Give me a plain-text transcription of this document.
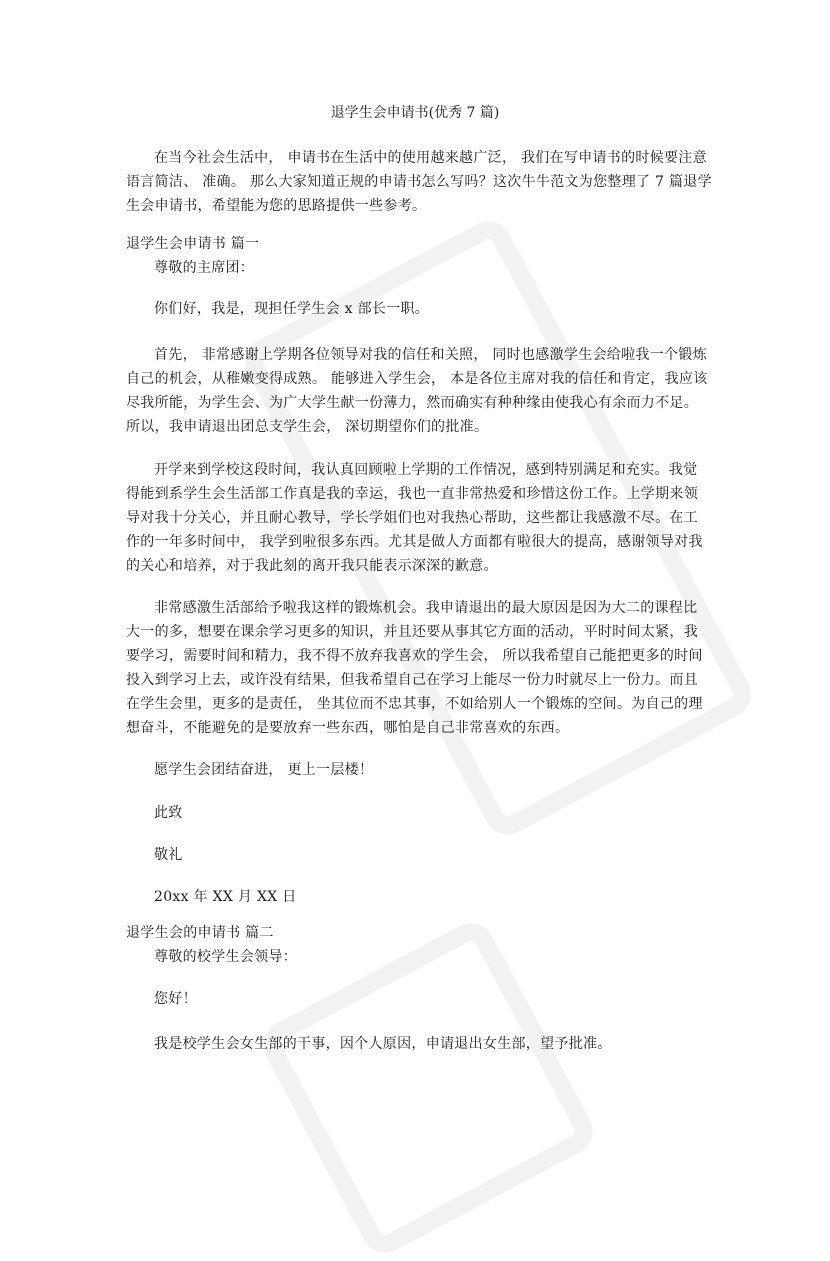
退学生会申请书(优秀 7 篇)
在当今社会生活中， 申请书在生活中的使用越来越广泛， 我们在写申请书的时候要注意
语言简洁、 准确。 那么大家知道正规的申请书怎么写吗？这次牛牛范文为您整理了 7 篇退学
生会申请书，希望能为您的思路提供一些参考。
退学生会申请书 篇一
尊敬的主席团：
你们好，我是，现担任学生会 x 部长一职。
首先， 非常感谢上学期各位领导对我的信任和关照， 同时也感激学生会给啦我一个锻炼
自己的机会，从稚嫩变得成熟。 能够进入学生会， 本是各位主席对我的信任和肯定，我应该
尽我所能，为学生会、为广大学生献一份薄力，然而确实有种种缘由使我心有余而力不足。
所以，我申请退出团总支学生会， 深切期望你们的批准。
开学来到学校这段时间，我认真回顾啦上学期的工作情况，感到特别满足和充实。我觉
得能到系学生会生活部工作真是我的幸运，我也一直非常热爱和珍惜这份工作。上学期来领
导对我十分关心，并且耐心教导，学长学姐们也对我热心帮助，这些都让我感激不尽。在工
作的一年多时间中， 我学到啦很多东西。尤其是做人方面都有啦很大的提高，感谢领导对我
的关心和培养，对于我此刻的离开我只能表示深深的歉意。
非常感激生活部给予啦我这样的锻炼机会。我申请退出的最大原因是因为大二的课程比
大一的多，想要在课余学习更多的知识，并且还要从事其它方面的活动，平时时间太紧，我
要学习，需要时间和精力，我不得不放弃我喜欢的学生会， 所以我希望自己能把更多的时间
投入到学习上去，或许没有结果，但我希望自己在学习上能尽一份力时就尽上一份力。而且
在学生会里，更多的是责任， 坐其位而不忠其事，不如给别人一个锻炼的空间。为自己的理
想奋斗，不能避免的是要放弃一些东西，哪怕是自己非常喜欢的东西。
愿学生会团结奋进， 更上一层楼！
此致
敬礼
20xx 年 XX 月 XX 日
退学生会的申请书 篇二
尊敬的校学生会领导：
您好！
我是校学生会女生部的干事，因个人原因，申请退出女生部，望予批准。
